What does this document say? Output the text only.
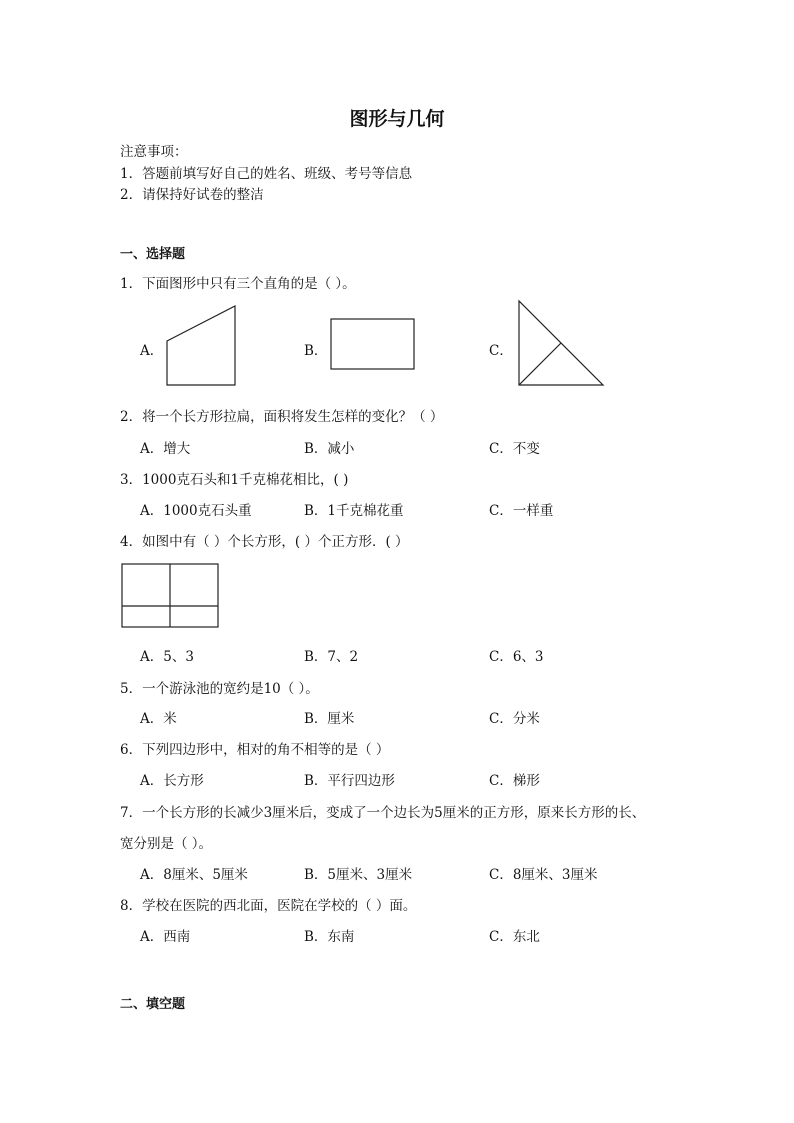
图形与几何
注意事项：
1．答题前填写好自己的姓名、班级、考号等信息
2．请保持好试卷的整洁
一、选择题
1．下面图形中只有三个直角的是（ ）。
A．	B．	C．
2．将一个长方形拉扁，面积将发生怎样的变化？（ ）
A．增大	B．减小	C．不变
3．1000克石头和1千克棉花相比，( )
A．1000克石头重	B．1千克棉花重	C．一样重
4．如图中有（ ）个长方形，( ）个正方形．( ）
A．5、3	B．7、2	C．6、3
5．一个游泳池的宽约是10（ ）。
A．米	B．厘米	C．分米
6．下列四边形中，相对的角不相等的是（ ）
A．长方形	B．平行四边形	C．梯形
7．一个长方形的长减少3厘米后，变成了一个边长为5厘米的正方形，原来长方形的长、
宽分别是（ ）。
A．8厘米、5厘米	B．5厘米、3厘米	C．8厘米、3厘米
8．学校在医院的西北面，医院在学校的（ ）面。
A．西南	B．东南	C．东北
二、填空题
